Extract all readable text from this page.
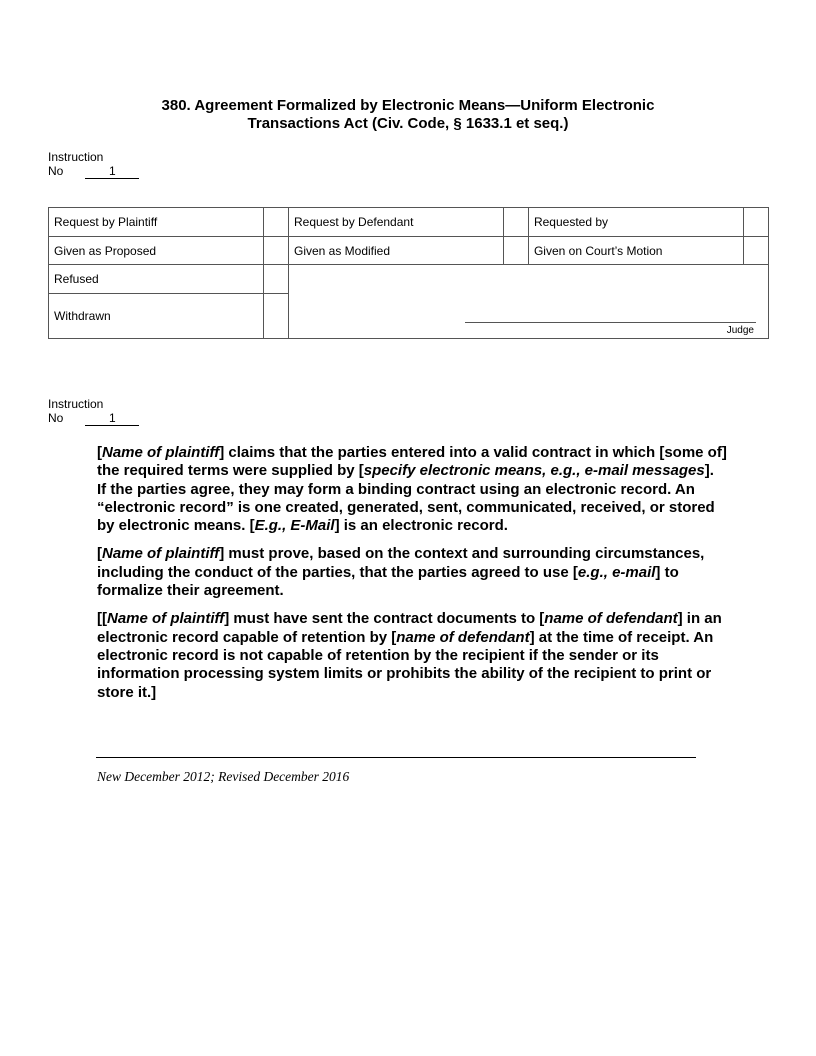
380. Agreement Formalized by Electronic Means—Uniform Electronic
Transactions Act (Civ. Code, § 1633.1 et seq.)
Instruction
No	1
Request by Plaintiff		Request by Defendant		Requested by	
Given as Proposed		Given as Modified		Given on Court’s Motion	
Refused		Judge			

Withdrawn					
Instruction
No	1

[Name of plaintiff] claims that the parties entered into a valid contract in which [some of] the required terms were supplied by [specify electronic means, e.g., e-mail messages]. If the parties agree, they may form a binding contract using an electronic record. An “electronic record” is one created, generated, sent, communicated, received, or stored by electronic means. [E.g., E-Mail] is an electronic record.

[Name of plaintiff] must prove, based on the context and surrounding circumstances, including the conduct of the parties, that the parties agreed to use [e.g., e-mail] to formalize their agreement.

[[Name of plaintiff] must have sent the contract documents to [name of defendant] in an electronic record capable of retention by [name of defendant] at the time of receipt. An electronic record is not capable of retention by the recipient if the sender or its information processing system limits or prohibits the ability of the recipient to print or store it.]

New December 2012; Revised December 2016
